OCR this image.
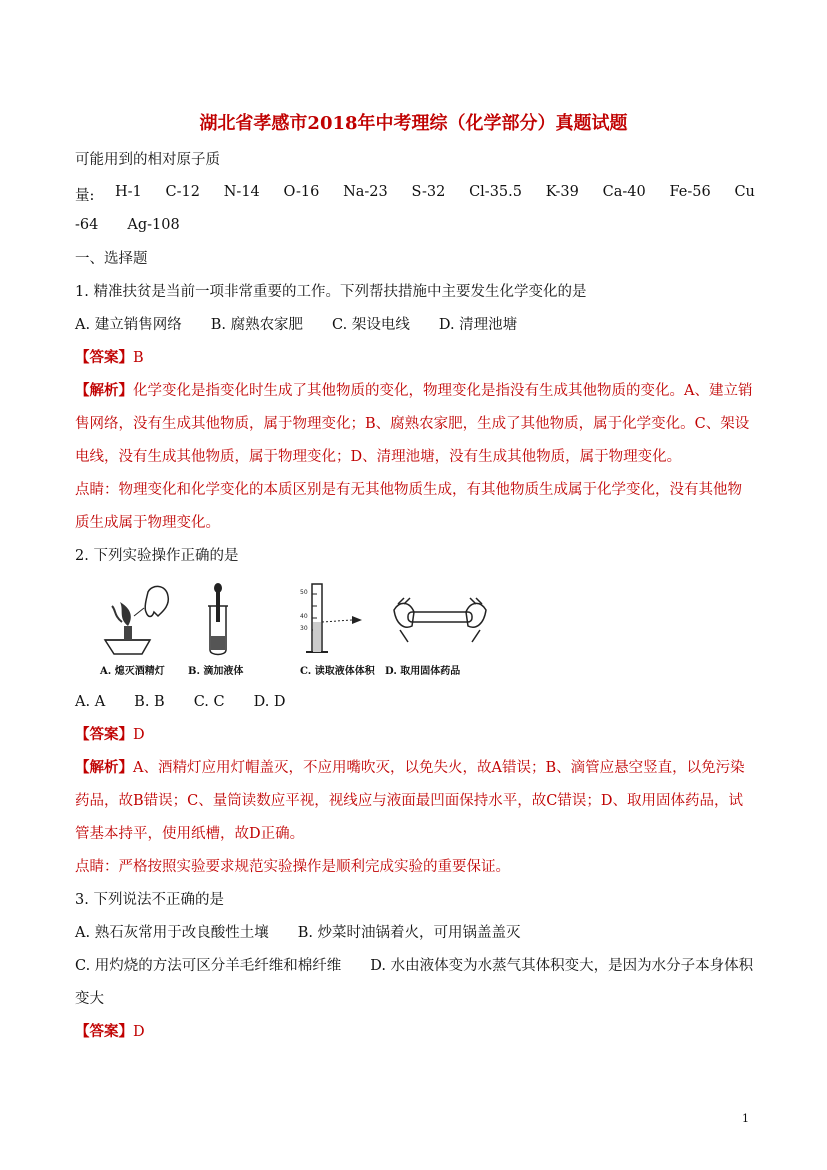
湖北省孝感市2018年中考理综（化学部分）真题试题
可能用到的相对原子质
量:	H-1 C-12 N-14 O-16 Na-23 S-32 Cl-35.5 K-39 Ca-40 Fe-56 Cu
-64　　Ag-108
一、选择题
1. 精准扶贫是当前一项非常重要的工作。下列帮扶措施中主要发生化学变化的是
A. 建立销售网络　　B. 腐熟农家肥　　C. 架设电线　　D. 清理池塘
【答案】B
【解析】化学变化是指变化时生成了其他物质的变化，物理变化是指没有生成其他物质的变化。A、建立销
售网络，没有生成其他物质，属于物理变化；B、腐熟农家肥，生成了其他物质，属于化学变化。C、架设
电线，没有生成其他物质，属于物理变化；D、清理池塘，没有生成其他物质，属于物理变化。
点睛：物理变化和化学变化的本质区别是有无其他物质生成，有其他物质生成属于化学变化，没有其他物
质生成属于物理变化。
2. 下列实验操作正确的是
A. 熄灭酒精灯 B. 滴加液体
50
40
30
C. 读取液体体积 D. 取用固体药品
A. A　　B. B　　C. C　　D. D
【答案】D
【解析】A、酒精灯应用灯帽盖灭，不应用嘴吹灭，以免失火，故A错误；B、滴管应悬空竖直，以免污染
药品，故B错误；C、量筒读数应平视，视线应与液面最凹面保持水平，故C错误；D、取用固体药品，试
管基本持平，使用纸槽，故D正确。
点睛：严格按照实验要求规范实验操作是顺利完成实验的重要保证。
3. 下列说法不正确的是
A. 熟石灰常用于改良酸性土壤　　B. 炒菜时油锅着火，可用锅盖盖灭
C. 用灼烧的方法可区分羊毛纤维和棉纤维　　D. 水由液体变为水蒸气其体积变大，是因为水分子本身体积
变大
【答案】D
1
